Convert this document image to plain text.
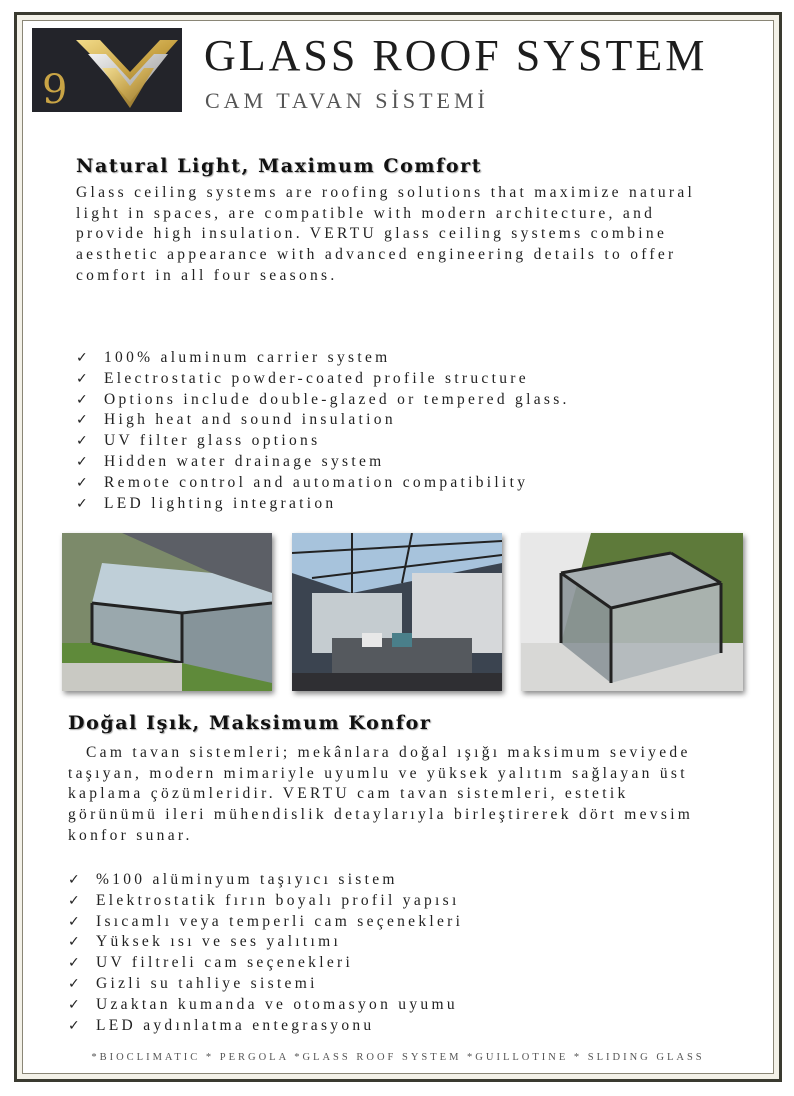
9
GLASS ROOF SYSTEM
CAM TAVAN SİSTEMİ
Natural Light, Maximum Comfort

Glass ceiling systems are roofing solutions that maximize natural light in spaces, are compatible with modern architecture, and provide high insulation. VERTU glass ceiling systems combine aesthetic appearance with advanced engineering details to offer comfort in all four seasons.

✓ 100% aluminum carrier system
✓ Electrostatic powder-coated profile structure
✓ Options include double-glazed or tempered glass.
✓ High heat and sound insulation
✓ UV filter glass options
✓ Hidden water drainage system
✓ Remote control and automation compatibility
✓ LED lighting integration
Doğal Işık, Maksimum Konfor

Cam tavan sistemleri; mekânlara doğal ışığı maksimum seviyede taşıyan, modern mimariyle uyumlu ve yüksek yalıtım sağlayan üst kaplama çözümleridir. VERTU cam tavan sistemleri, estetik görünümü ileri mühendislik detaylarıyla birleştirerek dört mevsim konfor sunar.

✓ %100 alüminyum taşıyıcı sistem
✓ Elektrostatik fırın boyalı profil yapısı
✓ Isıcamlı veya temperli cam seçenekleri
✓ Yüksek ısı ve ses yalıtımı
✓ UV filtreli cam seçenekleri
✓ Gizli su tahliye sistemi
✓ Uzaktan kumanda ve otomasyon uyumu
✓ LED aydınlatma entegrasyonu
*BIOCLIMATIC * PERGOLA *GLASS ROOF SYSTEM *GUILLOTINE * SLIDING GLASS
